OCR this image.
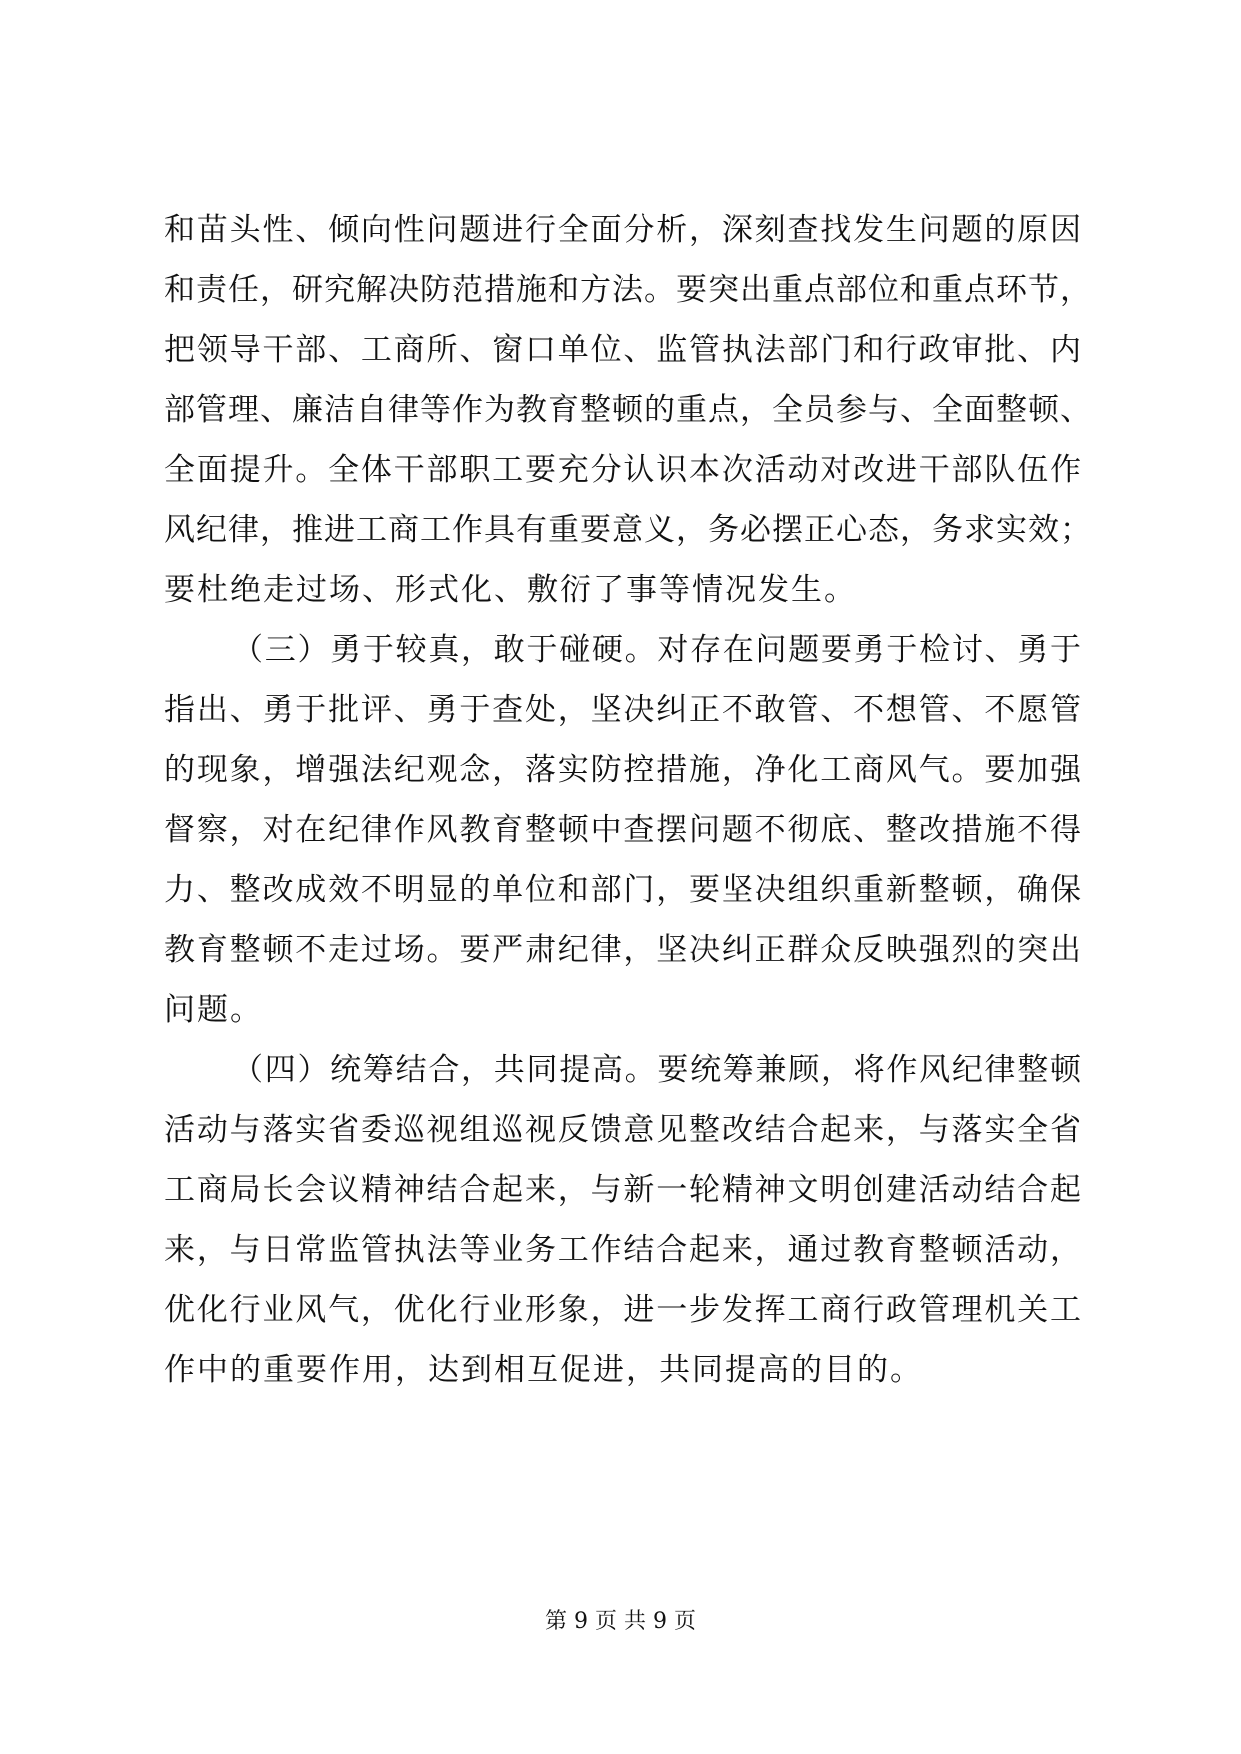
和苗头性、倾向性问题进行全面分析，深刻查找发生问题的原因
和责任，研究解决防范措施和方法。要突出重点部位和重点环节，
把领导干部、工商所、窗口单位、监管执法部门和行政审批、内
部管理、廉洁自律等作为教育整顿的重点，全员参与、全面整顿、
全面提升。全体干部职工要充分认识本次活动对改进干部队伍作
风纪律，推进工商工作具有重要意义，务必摆正心态，务求实效；
要杜绝走过场、形式化、敷衍了事等情况发生。
（三）勇于较真，敢于碰硬。对存在问题要勇于检讨、勇于
指出、勇于批评、勇于查处，坚决纠正不敢管、不想管、不愿管
的现象，增强法纪观念，落实防控措施，净化工商风气。要加强
督察，对在纪律作风教育整顿中查摆问题不彻底、整改措施不得
力、整改成效不明显的单位和部门，要坚决组织重新整顿，确保
教育整顿不走过场。要严肃纪律，坚决纠正群众反映强烈的突出
问题。
（四）统筹结合，共同提高。要统筹兼顾，将作风纪律整顿
活动与落实省委巡视组巡视反馈意见整改结合起来，与落实全省
工商局长会议精神结合起来，与新一轮精神文明创建活动结合起
来，与日常监管执法等业务工作结合起来，通过教育整顿活动，
优化行业风气，优化行业形象，进一步发挥工商行政管理机关工
作中的重要作用，达到相互促进，共同提高的目的。
第 9 页 共 9 页
